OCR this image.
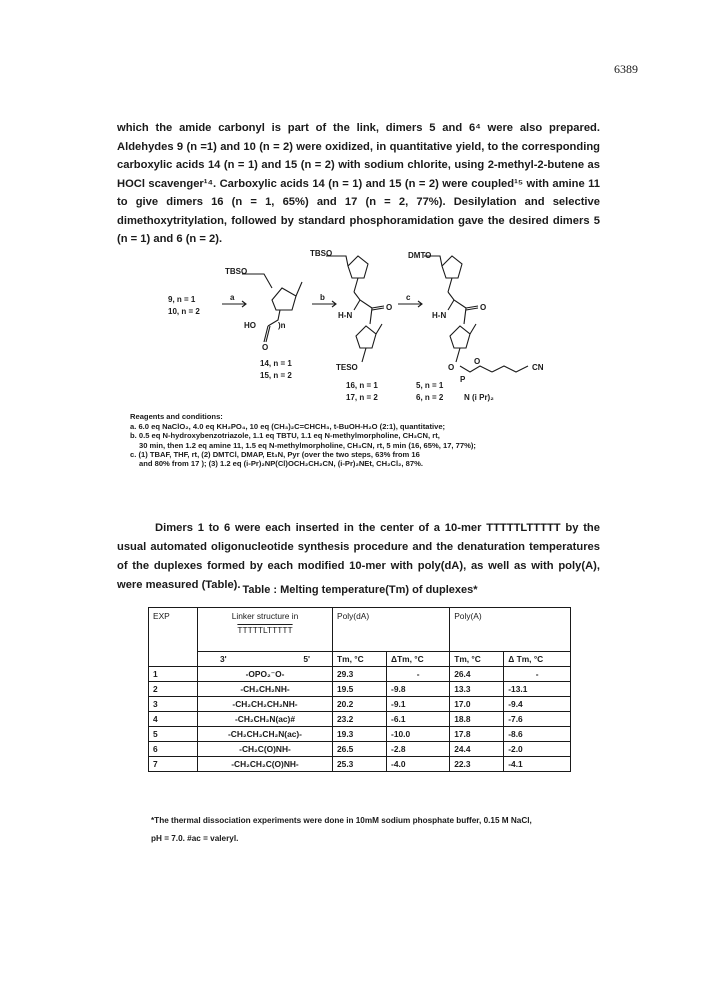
6389

which the amide carbonyl is part of the link, dimers 5 and 6⁴ were also prepared. Aldehydes 9 (n =1) and 10 (n = 2) were oxidized, in quantitative yield, to the corresponding carboxylic acids 14 (n = 1) and 15 (n = 2) with sodium chlorite, using 2-methyl-2-butene as HOCl scavenger¹⁴. Carboxylic acids 14 (n = 1) and 15 (n = 2) were coupled¹⁵ with amine 11 to give dimers 16 (n = 1, 65%) and 17 (n = 2, 77%). Desilylation and selective dimethoxytritylation, followed by standard phosphoramidation gave the desired dimers 5 (n = 1) and 6 (n = 2).

TBSO
TBSO	DMTO
9, n = 1
10, n = 2
a	b	c
HO	)n
O
H-N
O
H-N
O
14, n = 1
15, n = 2
TESO
16, n = 1
17, n = 2
O
O
P
CN
5, n = 1
6, n = 2	N (i Pr)₂
Reagents and conditions:
a. 6.0 eq NaClO₂, 4.0 eq KH₂PO₄, 10 eq (CH₃)₂C=CHCH₃, t-BuOH-H₂O (2:1), quantitative;
b. 0.5 eq N-hydroxybenzotriazole, 1.1 eq TBTU, 1.1 eq N-methylmorpholine, CH₃CN, rt,
30 min, then 1.2 eq amine 11, 1.5 eq N-methylmorpholine, CH₃CN, rt, 5 min (16, 65%, 17, 77%);
c. (1) TBAF, THF, rt, (2) DMTCl, DMAP, Et₃N, Pyr (over the two steps, 63% from 16
and 80% from 17 ); (3) 1.2 eq (i-Pr)₂NP(Cl)OCH₂CH₂CN, (i-Pr)₂NEt, CH₂Cl₂, 87%.

Dimers 1 to 6 were each inserted in the center of a 10-mer TTTTTLTTTTT by the usual automated oligonucleotide synthesis procedure and the denaturation temperatures of the duplexes formed by each modified 10-mer with poly(dA), as well as with poly(A), were measured (Table). Table : Melting temperature(Tm) of duplexes*
EXP	Linker structure in
TTTTTLTTTTT	Poly(dA)		Poly(A)	

	3' 5'	Tm, °C	ΔTm, °C	Tm, °C	Δ Tm, °C
1	-OPO₂⁻O-	29.3	-	26.4	-
2	-CH₂CH₂NH-	19.5	-9.8	13.3	-13.1
3	-CH₂CH₂CH₂NH-	20.2	-9.1	17.0	-9.4
4	-CH₂CH₂N(ac)#	23.2	-6.1	18.8	-7.6
5	-CH₂CH₂CH₂N(ac)-	19.3	-10.0	17.8	-8.6
6	-CH₂C(O)NH-	26.5	-2.8	24.4	-2.0
7	-CH₂CH₂C(O)NH-	25.3	-4.0	22.3	-4.1
*The thermal dissociation experiments were done in 10mM sodium phosphate buffer, 0.15 M NaCl,
pH = 7.0. #ac = valeryl.
